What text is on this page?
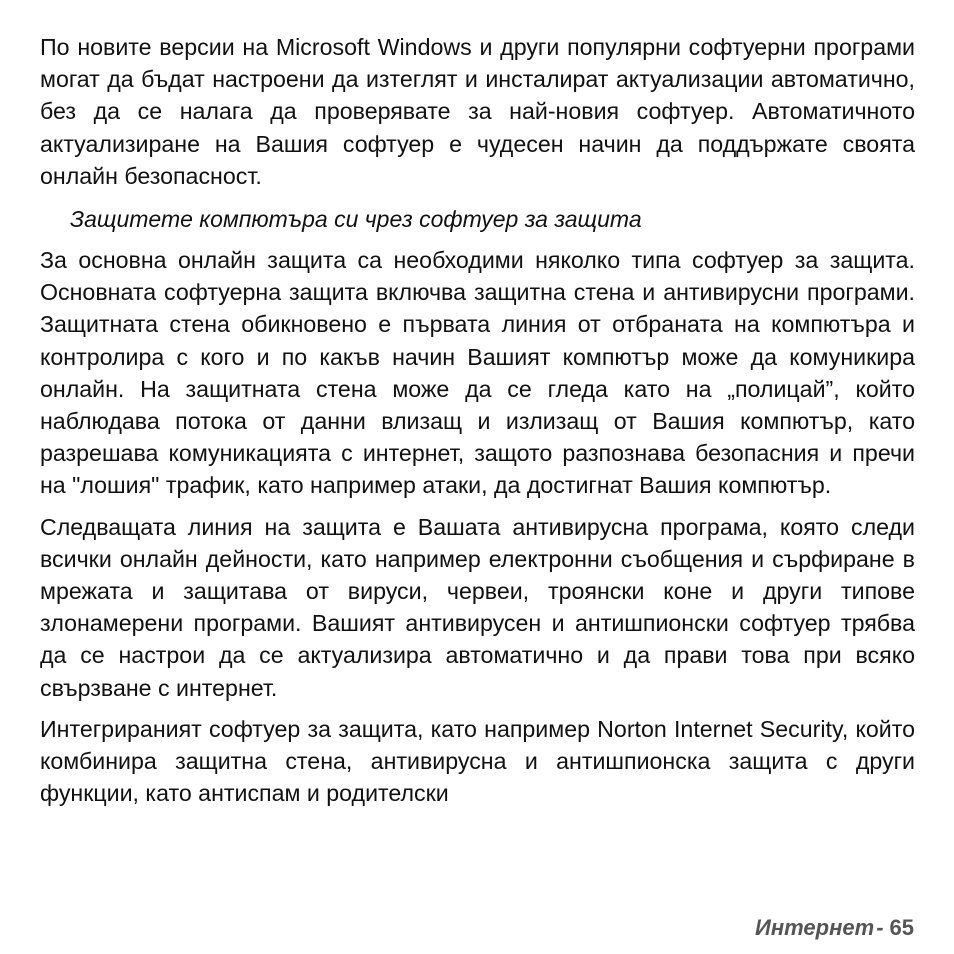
По новите версии на Microsoft Windows и други популярни софтуерни програми могат да бъдат настроени да изтеглят и инсталират актуализации автоматично, без да се налага да проверявате за най-новия софтуер. Автоматичното актуализиране на Вашия софтуер е чудесен начин да поддържате своята онлайн безопасност.

Защитете компютъра си чрез софтуер за защита

За основна онлайн защита са необходими няколко типа софтуер за защита. Основната софтуерна защита включва защитна стена и антивирусни програми. Защитната стена обикновено е първата линия от отбраната на компютъра и контролира с кого и по какъв начин Вашият компютър може да комуникира онлайн. На защитната стена може да се гледа като на „полицай”, който наблюдава потока от данни влизащ и излизащ от Вашия компютър, като разрешава комуникацията с интернет, защото разпознава безопасния и пречи на "лошия" трафик, като например атаки, да достигнат Вашия компютър.

Следващата линия на защита е Вашата антивирусна програма, която следи всички онлайн дейности, като например електронни съобщения и сърфиране в мрежата и защитава от вируси, червеи, троянски коне и други типове злонамерени програми. Вашият антивирусен и антишпионски софтуер трябва да се настрои да се актуализира автоматично и да прави това при всяко свързване с интернет.

Интегрираният софтуер за защита, като например Norton Internet Security, който комбинира защитна стена, антивирусна и антишпионска защита с други функции, като антиспам и родителски

Интернет- 65
